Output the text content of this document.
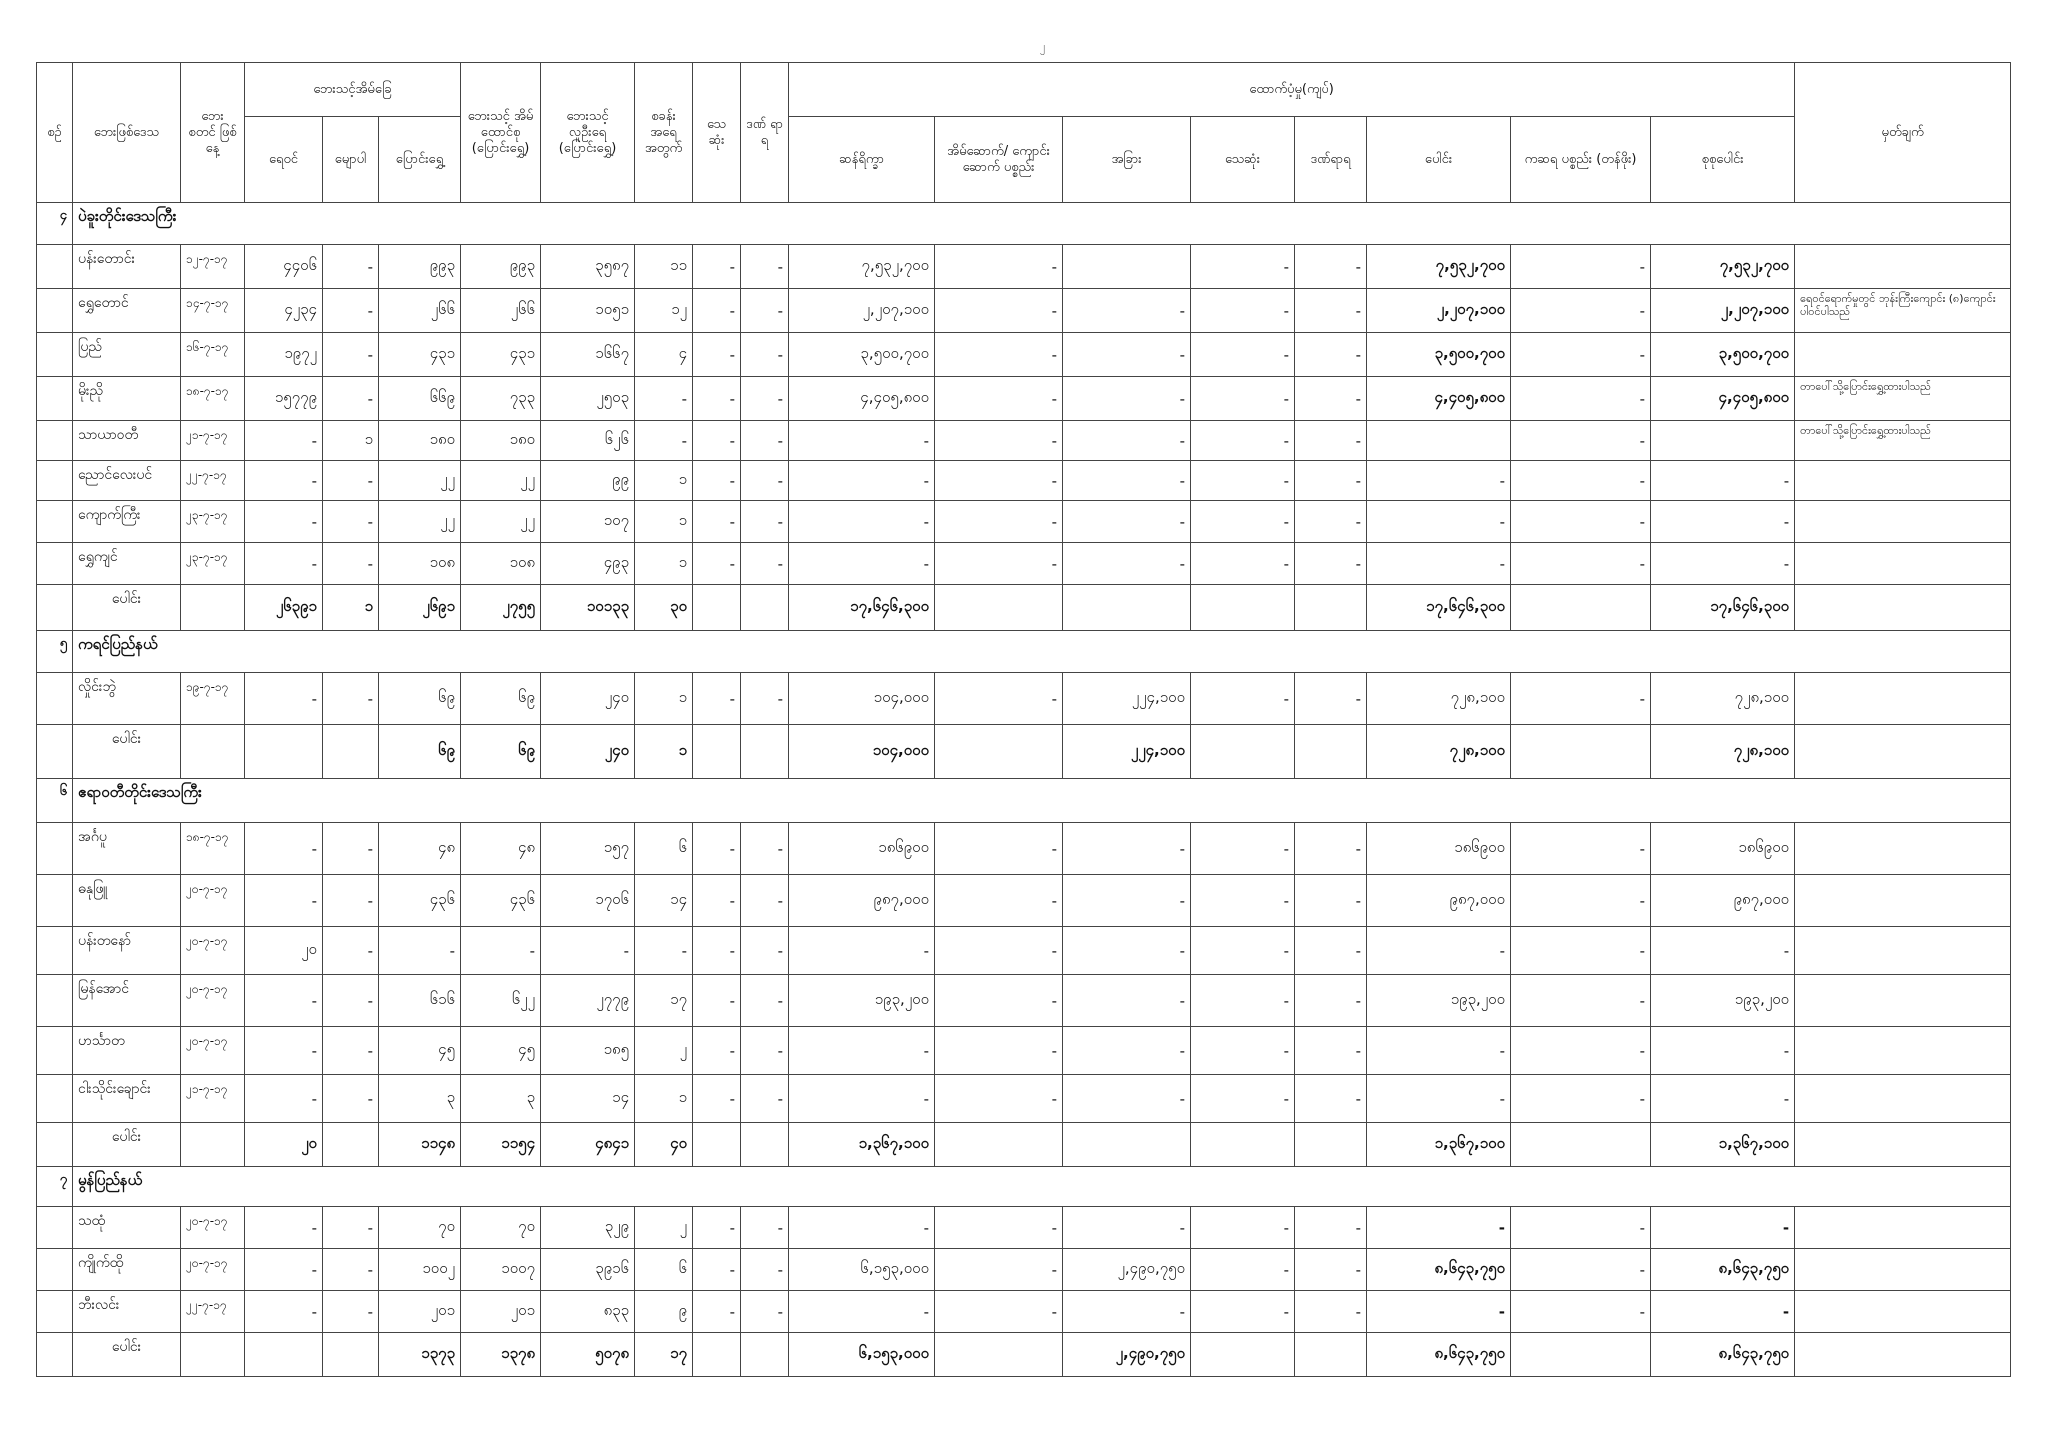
၂
စဉ်	ဘေးဖြစ်ဒေသ	ဘေး စတင် ဖြစ်နေ့	ဘေးသင့်အိမ်ခြေ			ဘေးသင့် အိမ် ထောင်စု (ပြောင်းရွှေ့)	ဘေးသင့် လူဦးရေ (ပြောင်းရွှေ့)	စခန်း အရေ အတွက်	သေ ဆုံး	ဒဏ် ရာ ရ	ထောက်ပံ့မှု(ကျပ်)								မှတ်ချက်
			ရေဝင်	မျောပါ	ပြောင်းရွှေ့						ဆန်ရိက္ခာ	အိမ်ဆောက်/ ကျောင်းဆောက် ပစ္စည်း	အခြား	သေဆုံး	ဒဏ်ရာရ	ပေါင်း	ကဆရ ပစ္စည်း (တန်ဖိုး)	စုစုပေါင်း	
၄	ပဲခူးတိုင်းဒေသကြီး																		
	ပန်းတောင်း	၁၂-၇-၁၇	၄၄၀၆	-	၉၉၃	၉၉၃	၃၅၈၇	၁၁	-	-	၇,၅၃၂,၇၀၀	-		-	-	၇,၅၃၂,၇၀၀	-	၇,၅၃၂,၇၀၀	
	ရွှေတောင်	၁၄-၇-၁၇	၄၂၃၄	-	၂၆၆	၂၆၆	၁၀၅၁	၁၂	-	-	၂,၂၀၇,၁၀၀	-	-	-	-	၂,၂၀၇,၁၀၀	-	၂,၂၀၇,၁၀၀	ရေဝင်ရောက်မှုတွင် ဘုန်းကြီးကျောင်း (၈)ကျောင်းပါဝင်ပါသည်
	ပြည်	၁၆-၇-၁၇	၁၉၇၂	-	၄၃၁	၄၃၁	၁၆၆၇	၄	-	-	၃,၅၀၀,၇၀၀	-	-	-	-	၃,၅၀၀,၇၀၀	-	၃,၅၀၀,၇၀၀	
	မိုးညို	၁၈-၇-၁၇	၁၅၇၇၉	-	၆၆၉	၇၃၃	၂၅၀၃	-	-	-	၄,၄၀၅,၈၀၀	-	-	-	-	၄,၄၀၅,၈၀၀	-	၄,၄၀၅,၈၀၀	တာပေါ်သို့ပြောင်းရွှေ့ထားပါသည်
	သာယာဝတီ	၂၁-၇-၁၇	-	၁	၁၈၀	၁၈၀	၆၂၆	-	-	-	-	-	-	-	-		-		တာပေါ်သို့ပြောင်းရွှေ့ထားပါသည်
	ညောင်လေးပင်	၂၂-၇-၁၇	-	-	၂၂	၂၂	၉၉	၁	-	-	-	-	-	-	-	-	-	-	
	ကျောက်ကြီး	၂၃-၇-၁၇	-	-	၂၂	၂၂	၁၀၇	၁	-	-	-	-	-	-	-	-	-	-	
	ရွှေကျင်	၂၃-၇-၁၇	-	-	၁၀၈	၁၀၈	၄၉၃	၁	-	-	-	-	-	-	-	-	-	-	
	ပေါင်း		၂၆၃၉၁	၁	၂၆၉၁	၂၇၅၅	၁၀၁၃၃	၃၀			၁၇,၆၄၆,၃၀၀					၁၇,၆၄၆,၃၀၀		၁၇,၆၄၆,၃၀၀	
၅	ကရင်ပြည်နယ်																		
	လှိုင်းဘွဲ	၁၉-၇-၁၇	-	-	၆၉	၆၉	၂၄၀	၁	-	-	၁၀၄,၀၀၀	-	၂၂၄,၁၀၀	-	-	၇၂၈,၁၀၀	-	၇၂၈,၁၀၀	
	ပေါင်း				၆၉	၆၉	၂၄၀	၁			၁၀၄,၀၀၀		၂၂၄,၁၀၀			၇၂၈,၁၀၀		၇၂၈,၁၀၀	
၆	ဧရာဝတီတိုင်းဒေသကြီး																		
	အင်္ဂပူ	၁၈-၇-၁၇	-	-	၄၈	၄၈	၁၅၇	၆	-	-	၁၈၆၉၀၀	-	-	-	-	၁၈၆၉၀၀	-	၁၈၆၉၀၀	
	ဓနုဖြူ	၂၀-၇-၁၇	-	-	၄၃၆	၄၃၆	၁၇၀၆	၁၄	-	-	၉၈၇,၀၀၀	-	-	-	-	၉၈၇,၀၀၀	-	၉၈၇,၀၀၀	
	ပန်းတနော်	၂၀-၇-၁၇	၂၀	-	-	-	-	-	-	-	-	-	-	-	-	-	-	-	
	မြန်အောင်	၂၀-၇-၁၇	-	-	၆၁၆	၆၂၂	၂၇၇၉	၁၇	-	-	၁၉၃,၂၀၀	-	-	-	-	၁၉၃,၂၀၀	-	၁၉၃,၂၀၀	
	ဟင်္သာတ	၂၀-၇-၁၇	-	-	၄၅	၄၅	၁၈၅	၂	-	-	-	-	-	-	-	-	-	-	
	ငါးသိုင်းချောင်း	၂၁-၇-၁၇	-	-	၃	၃	၁၄	၁	-	-	-	-	-	-	-	-	-	-	
	ပေါင်း		၂၀		၁၁၄၈	၁၁၅၄	၄၈၄၁	၄၀			၁,၃၆၇,၁၀၀					၁,၃၆၇,၁၀၀		၁,၃၆၇,၁၀၀	
၇	မွန်ပြည်နယ်																		
	သထုံ	၂၀-၇-၁၇	-	-	၇၀	၇၀	၃၂၉	၂	-	-	-	-	-	-	-	-	-	-	
	ကျိုက်ထို	၂၀-၇-၁၇	-	-	၁၀၀၂	၁၀၀၇	၃၉၁၆	၆	-	-	၆,၁၅၃,၀၀၀	-	၂,၄၉၀,၇၅၀	-	-	၈,၆၄၃,၇၅၀	-	၈,၆၄၃,၇၅၀	
	ဘီးလင်း	၂၂-၇-၁၇	-	-	၂၀၁	၂၀၁	၈၃၃	၉	-	-	-	-	-	-	-	-	-	-	
	ပေါင်း				၁၃၇၃	၁၃၇၈	၅၀၇၈	၁၇			၆,၁၅၃,၀၀၀		၂,၄၉၀,၇၅၀			၈,၆၄၃,၇၅၀		၈,၆၄၃,၇၅၀	
